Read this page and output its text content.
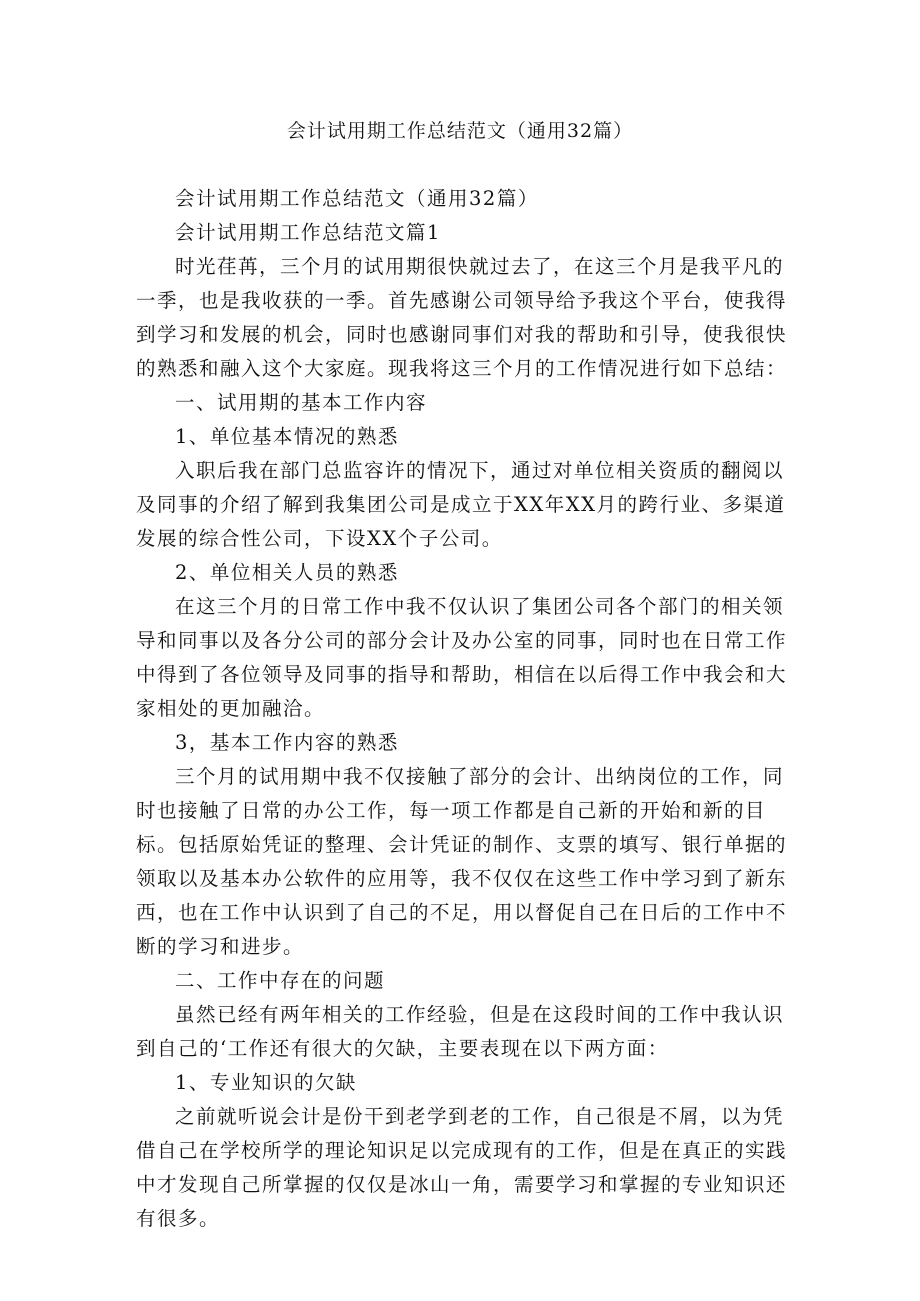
会计试用期工作总结范文（通用32篇）

会计试用期工作总结范文（通用32篇）

会计试用期工作总结范文篇1

时光荏苒，三个月的试用期很快就过去了，在这三个月是我平凡的一季，也是我收获的一季。首先感谢公司领导给予我这个平台，使我得到学习和发展的机会，同时也感谢同事们对我的帮助和引导，使我很快的熟悉和融入这个大家庭。现我将这三个月的工作情况进行如下总结：

一、试用期的基本工作内容

1、单位基本情况的熟悉

入职后我在部门总监容许的情况下，通过对单位相关资质的翻阅以及同事的介绍了解到我集团公司是成立于XX年XX月的跨行业、多渠道发展的综合性公司，下设XX个子公司。

2、单位相关人员的熟悉

在这三个月的日常工作中我不仅认识了集团公司各个部门的相关领导和同事以及各分公司的部分会计及办公室的同事，同时也在日常工作中得到了各位领导及同事的指导和帮助，相信在以后得工作中我会和大家相处的更加融洽。

3，基本工作内容的熟悉

三个月的试用期中我不仅接触了部分的会计、出纳岗位的工作，同时也接触了日常的办公工作，每一项工作都是自己新的开始和新的目标。包括原始凭证的整理、会计凭证的制作、支票的填写、银行单据的领取以及基本办公软件的应用等，我不仅仅在这些工作中学习到了新东西，也在工作中认识到了自己的不足，用以督促自己在日后的工作中不断的学习和进步。

二、工作中存在的问题

虽然已经有两年相关的工作经验，但是在这段时间的工作中我认识到自己的‘工作还有很大的欠缺，主要表现在以下两方面：

1、专业知识的欠缺

之前就听说会计是份干到老学到老的工作，自己很是不屑，以为凭借自己在学校所学的理论知识足以完成现有的工作，但是在真正的实践中才发现自己所掌握的仅仅是冰山一角，需要学习和掌握的专业知识还有很多。
